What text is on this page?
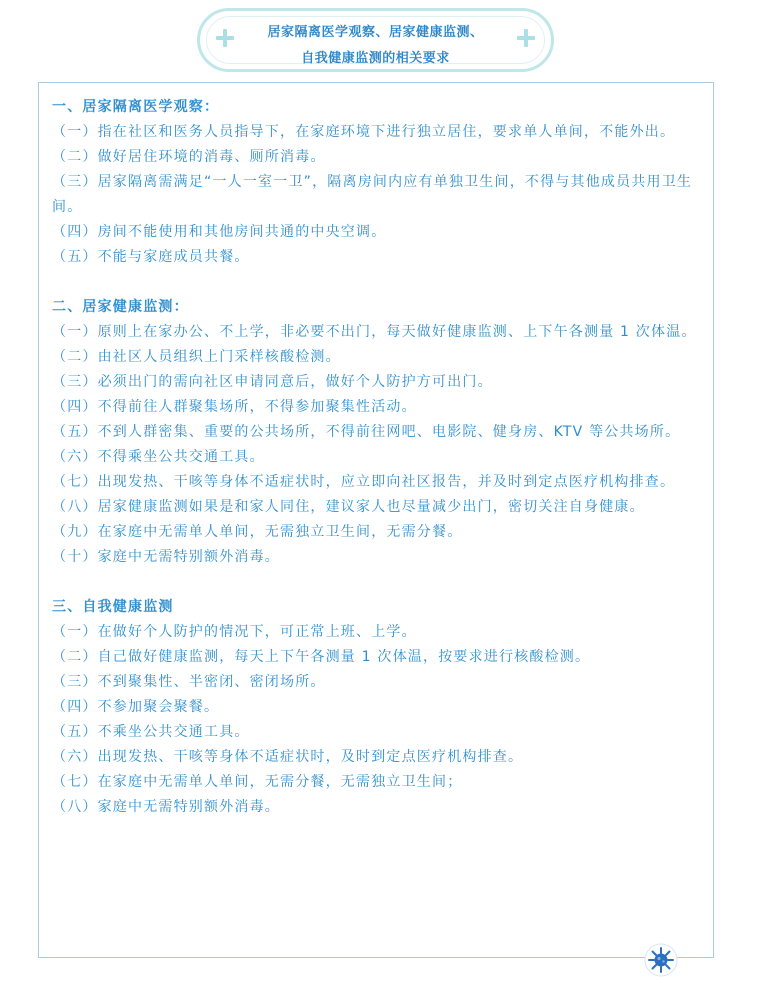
居家隔离医学观察、居家健康监测、
自我健康监测的相关要求
一、居家隔离医学观察：

（一）指在社区和医务人员指导下，在家庭环境下进行独立居住，要求单人单间，不能外出。

（二）做好居住环境的消毒、厕所消毒。

（三）居家隔离需满足“一人一室一卫”，隔离房间内应有单独卫生间，不得与其他成员共用卫生间。

（四）房间不能使用和其他房间共通的中央空调。

（五）不能与家庭成员共餐。

二、居家健康监测：

（一）原则上在家办公、不上学，非必要不出门，每天做好健康监测、上下午各测量 1 次体温。

（二）由社区人员组织上门采样核酸检测。

（三）必须出门的需向社区申请同意后，做好个人防护方可出门。

（四）不得前往人群聚集场所，不得参加聚集性活动。

（五）不到人群密集、重要的公共场所，不得前往网吧、电影院、健身房、KTV 等公共场所。

（六）不得乘坐公共交通工具。

（七）出现发热、干咳等身体不适症状时，应立即向社区报告，并及时到定点医疗机构排查。

（八）居家健康监测如果是和家人同住，建议家人也尽量减少出门，密切关注自身健康。

（九）在家庭中无需单人单间，无需独立卫生间，无需分餐。

（十）家庭中无需特别额外消毒。

三、自我健康监测

（一）在做好个人防护的情况下，可正常上班、上学。

（二）自己做好健康监测，每天上下午各测量 1 次体温，按要求进行核酸检测。

（三）不到聚集性、半密闭、密闭场所。

（四）不参加聚会聚餐。

（五）不乘坐公共交通工具。

（六）出现发热、干咳等身体不适症状时，及时到定点医疗机构排查。

（七）在家庭中无需单人单间，无需分餐，无需独立卫生间；

（八）家庭中无需特别额外消毒。
